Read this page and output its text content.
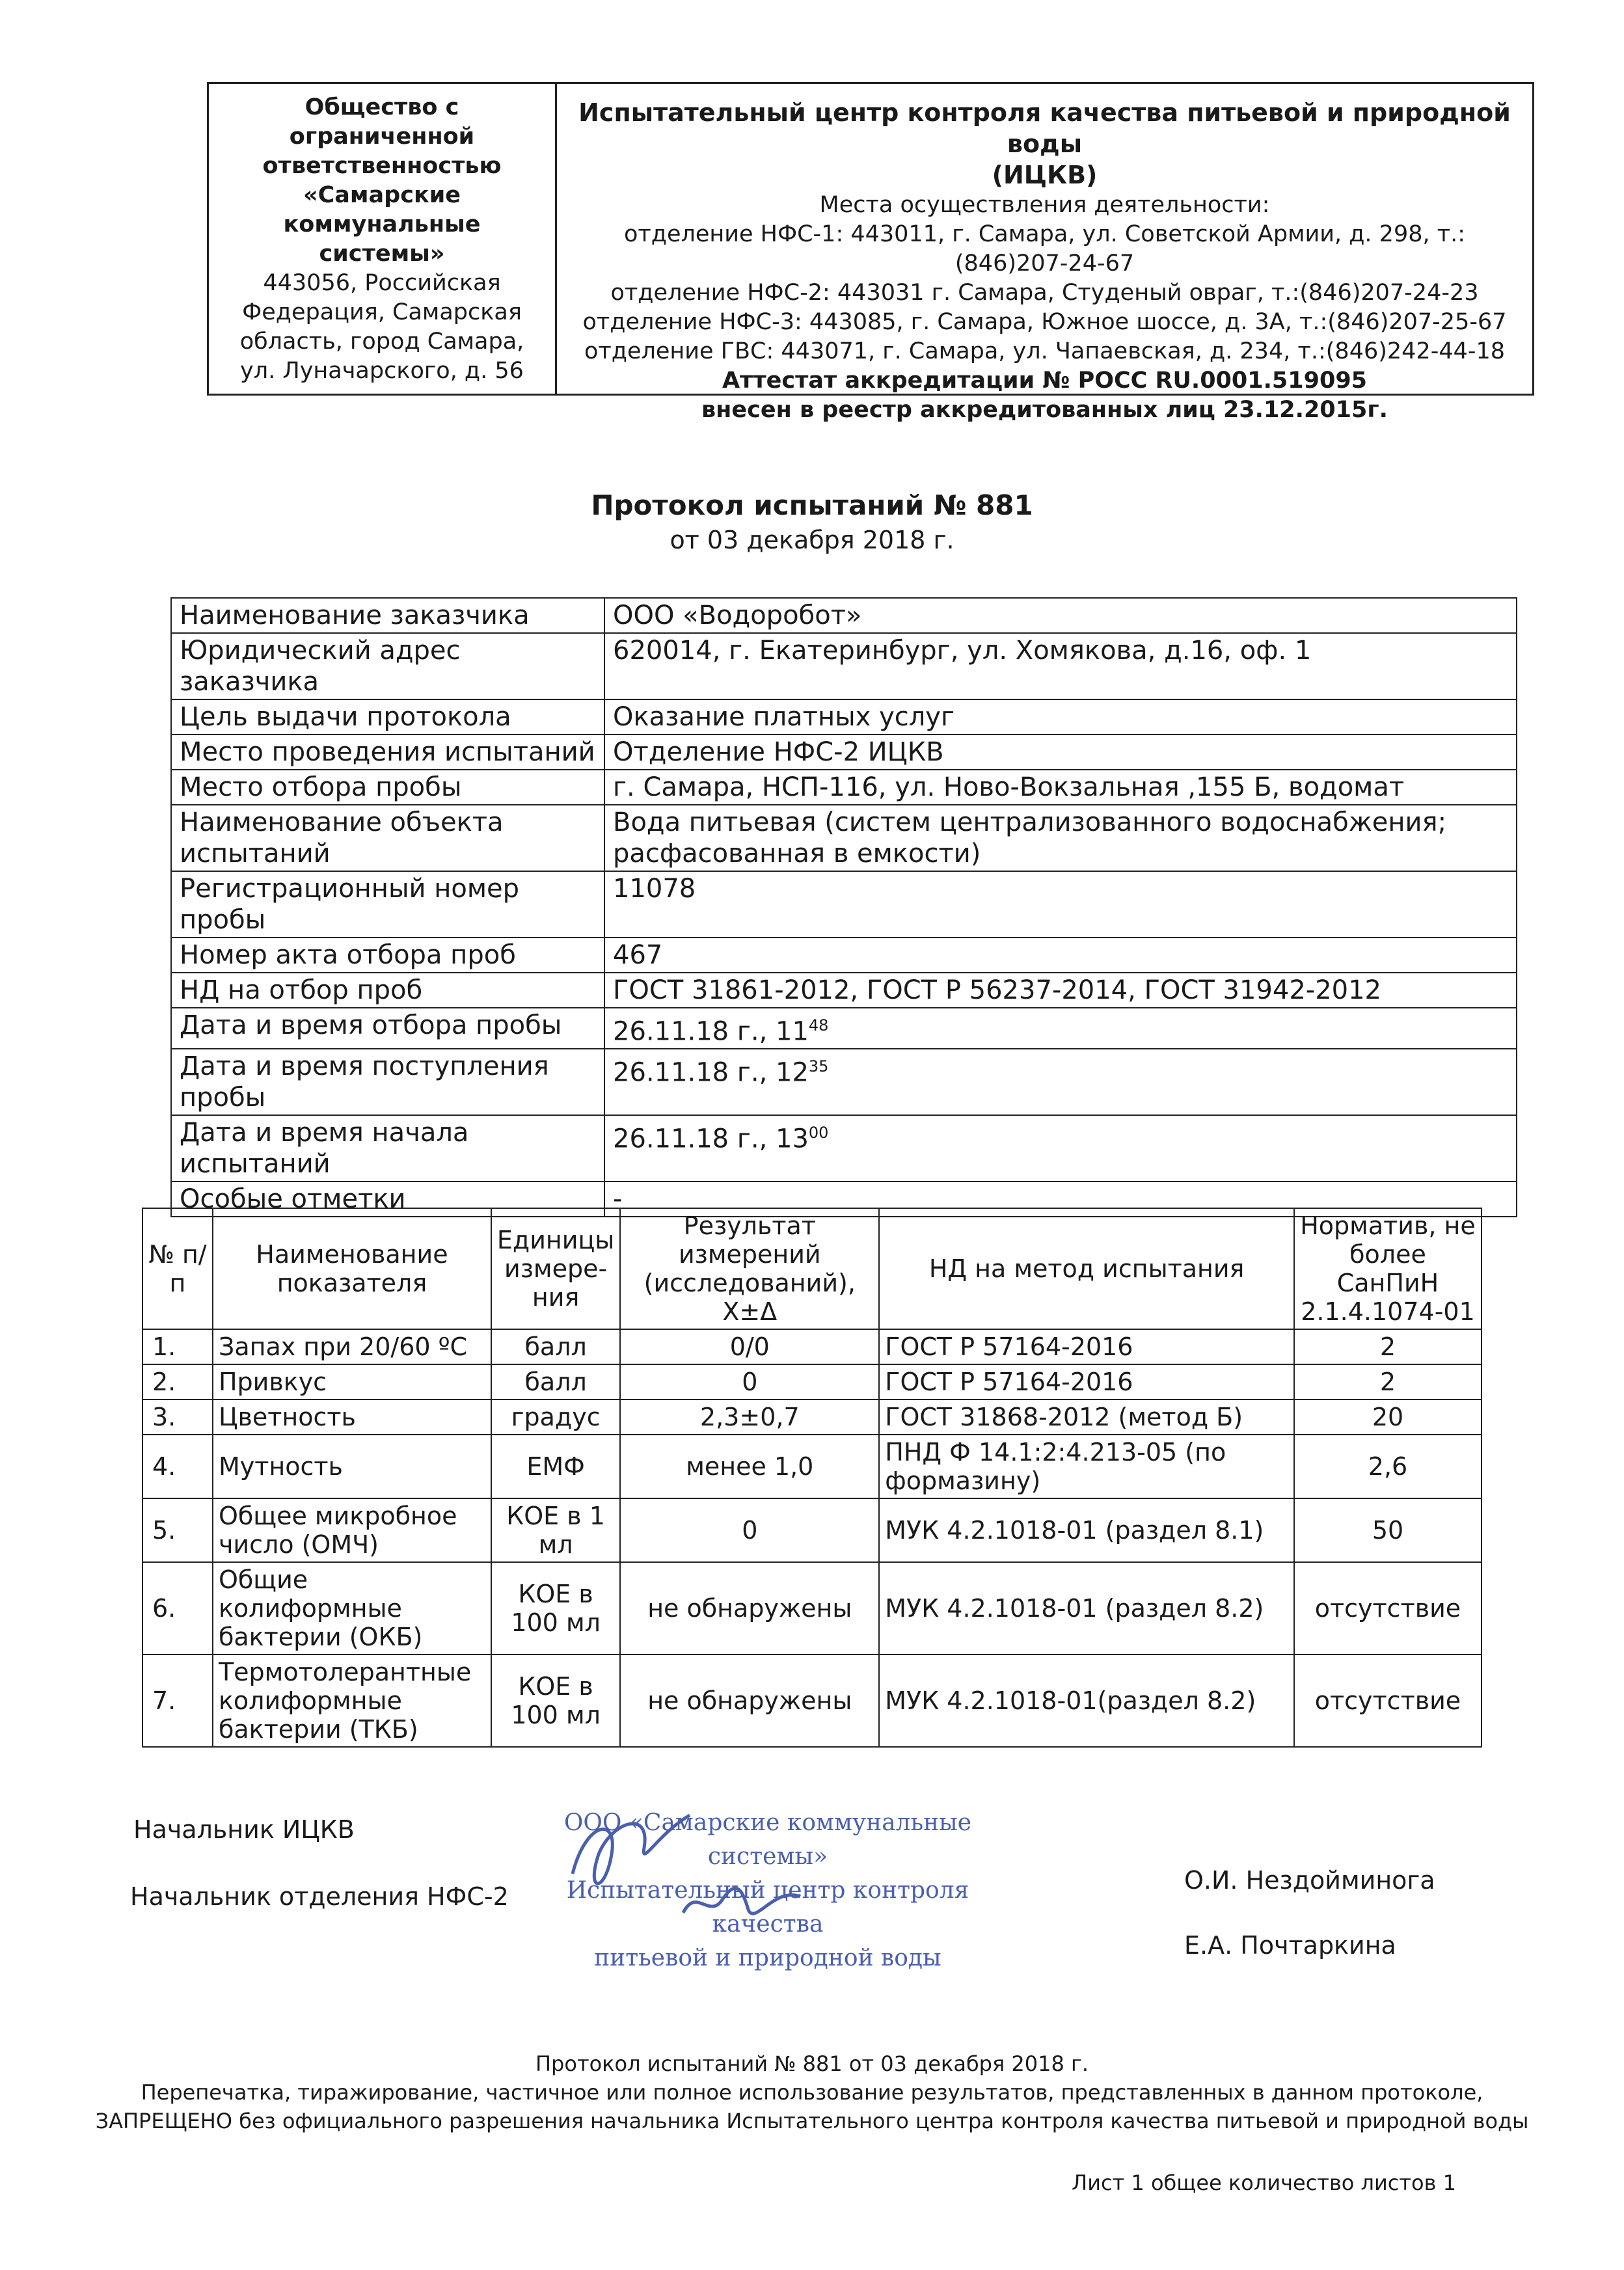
Общество с
ограниченной
ответственностью
«Самарские
коммунальные
системы»
443056, Российская
Федерация, Самарская
область, город Самара,
ул. Луначарского, д. 56
Испытательный центр контроля качества питьевой и природной воды
(ИЦКВ)
Места осуществления деятельности:
отделение НФС-1: 443011, г. Самара, ул. Советской Армии, д. 298, т.:(846)207-24-67
отделение НФС-2: 443031 г. Самара, Студеный овраг, т.:(846)207-24-23
отделение НФС-3: 443085, г. Самара, Южное шоссе, д. 3А, т.:(846)207-25-67
отделение ГВС: 443071, г. Самара, ул. Чапаевская, д. 234, т.:(846)242-44-18
Аттестат аккредитации № РОСС RU.0001.519095
внесен в реестр аккредитованных лиц 23.12.2015г.
Протокол испытаний № 881
от 03 декабря 2018 г.
Наименование заказчика	ООО «Водоробот»
Юридический адрес заказчика	620014, г. Екатеринбург, ул. Хомякова, д.16, оф. 1
Цель выдачи протокола	Оказание платных услуг
Место проведения испытаний	Отделение НФС-2 ИЦКВ
Место отбора пробы	г. Самара, НСП-116, ул. Ново-Вокзальная ,155 Б, водомат
Наименование объекта испытаний	Вода питьевая (систем централизованного водоснабжения; расфасованная в емкости)
Регистрационный номер пробы	11078
Номер акта отбора проб	467
НД на отбор проб	ГОСТ 31861-2012, ГОСТ Р 56237-2014, ГОСТ 31942-2012
Дата и время отбора пробы	26.11.18 г., $11^{48}$
Дата и время поступления пробы	26.11.18 г., $12^{35}$
Дата и время начала испытаний	26.11.18 г., $13^{00}$
Особые отметки	-
№ п/п	Наименование показателя	Единицы измере-ния	Результат измерений (исследований), X±Δ	НД на метод испытания	Норматив, не более СанПиН 2.1.4.1074-01
1.	Запах при 20/60 ºС	балл	0/0	ГОСТ Р 57164-2016	2
2.	Привкус	балл	0	ГОСТ Р 57164-2016	2
3.	Цветность	градус	2,3±0,7	ГОСТ 31868-2012 (метод Б)	20
4.	Мутность	ЕМФ	менее 1,0	ПНД Ф 14.1:2:4.213-05 (по формазину)	2,6
5.	Общее микробное число (ОМЧ)	КОЕ в 1 мл	0	МУК 4.2.1018-01 (раздел 8.1)	50
6.	Общие колиформные бактерии (ОКБ)	КОЕ в 100 мл	не обнаружены	МУК 4.2.1018-01 (раздел 8.2)	отсутствие
7.	Термотолерантные колиформные бактерии (ТКБ)	КОЕ в 100 мл	не обнаружены	МУК 4.2.1018-01(раздел 8.2)	отсутствие
Начальник ИЦКВ
Начальник отделения НФС-2
О.И. Нездойминога
Е.А. Почтаркина
ООО «Самарские коммунальные системы»
Испытательный центр контроля качества
питьевой и природной воды
Протокол испытаний № 881 от 03 декабря 2018 г.
Перепечатка, тиражирование, частичное или полное использование результатов, представленных в данном протоколе,
ЗАПРЕЩЕНО без официального разрешения начальника Испытательного центра контроля качества питьевой и природной воды
Лист 1 общее количество листов 1
